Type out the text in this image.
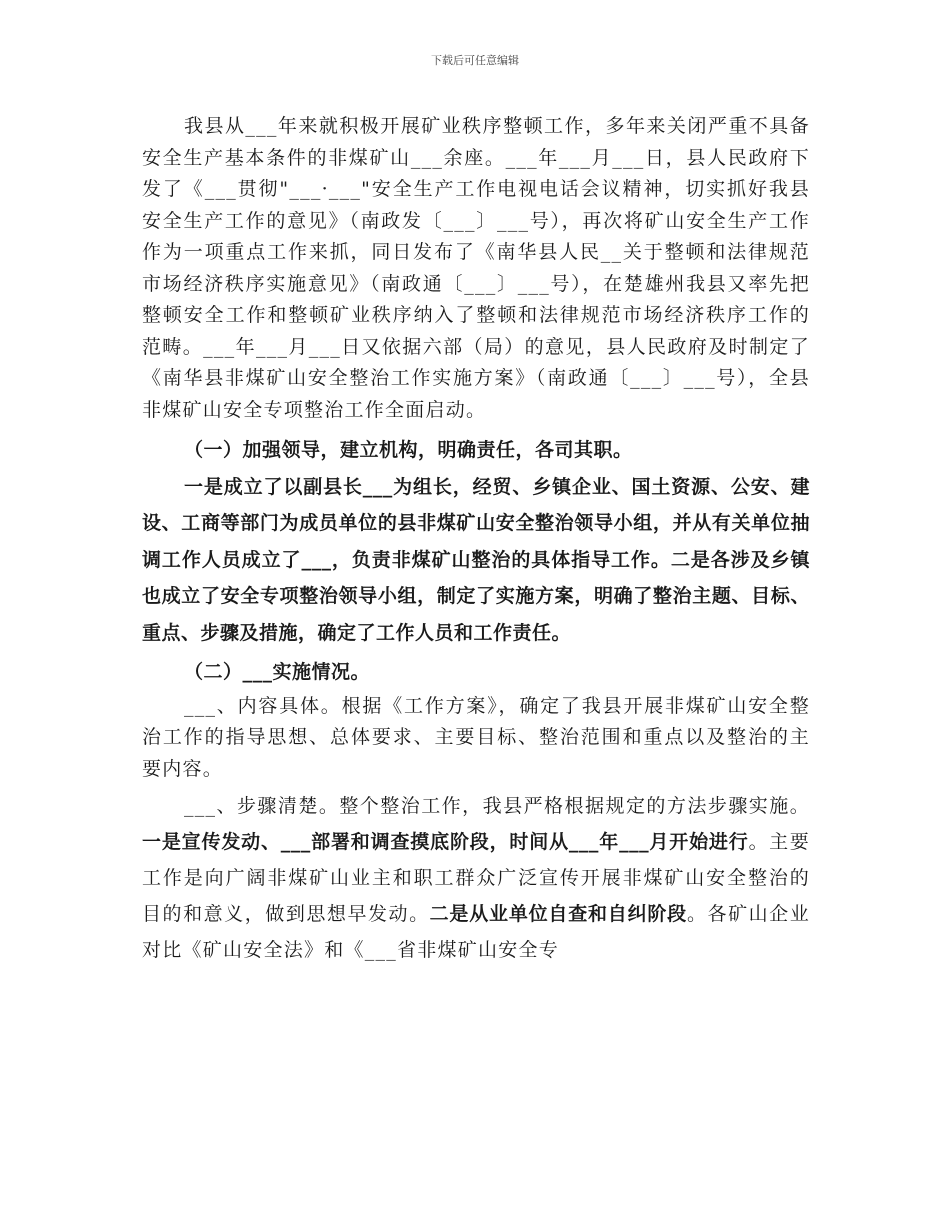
下载后可任意编辑

我县从___年来就积极开展矿业秩序整顿工作，多年来关闭严重不具备安全生产基本条件的非煤矿山___余座。___年___月___日，县人民政府下发了《___贯彻"___·___"安全生产工作电视电话会议精神，切实抓好我县安全生产工作的意见》（南政发〔___〕___号），再次将矿山安全生产工作作为一项重点工作来抓，同日发布了《南华县人民__关于整顿和法律规范市场经济秩序实施意见》（南政通〔___〕___号），在楚雄州我县又率先把整顿安全工作和整顿矿业秩序纳入了整顿和法律规范市场经济秩序工作的范畴。___年___月___日又依据六部（局）的意见，县人民政府及时制定了《南华县非煤矿山安全整治工作实施方案》（南政通〔___〕___号），全县非煤矿山安全专项整治工作全面启动。

（一）加强领导，建立机构，明确责任，各司其职。

一是成立了以副县长___为组长，经贸、乡镇企业、国土资源、公安、建设、工商等部门为成员单位的县非煤矿山安全整治领导小组，并从有关单位抽调工作人员成立了___，负责非煤矿山整治的具体指导工作。二是各涉及乡镇也成立了安全专项整治领导小组，制定了实施方案，明确了整治主题、目标、重点、步骤及措施，确定了工作人员和工作责任。

（二）___实施情况。

___、内容具体。根据《工作方案》，确定了我县开展非煤矿山安全整治工作的指导思想、总体要求、主要目标、整治范围和重点以及整治的主要内容。

___、步骤清楚。整个整治工作，我县严格根据规定的方法步骤实施。一是宣传发动、___部署和调查摸底阶段，时间从___年___月开始进行。主要工作是向广阔非煤矿山业主和职工群众广泛宣传开展非煤矿山安全整治的目的和意义，做到思想早发动。二是从业单位自查和自纠阶段。各矿山企业对比《矿山安全法》和《___省非煤矿山安全专
